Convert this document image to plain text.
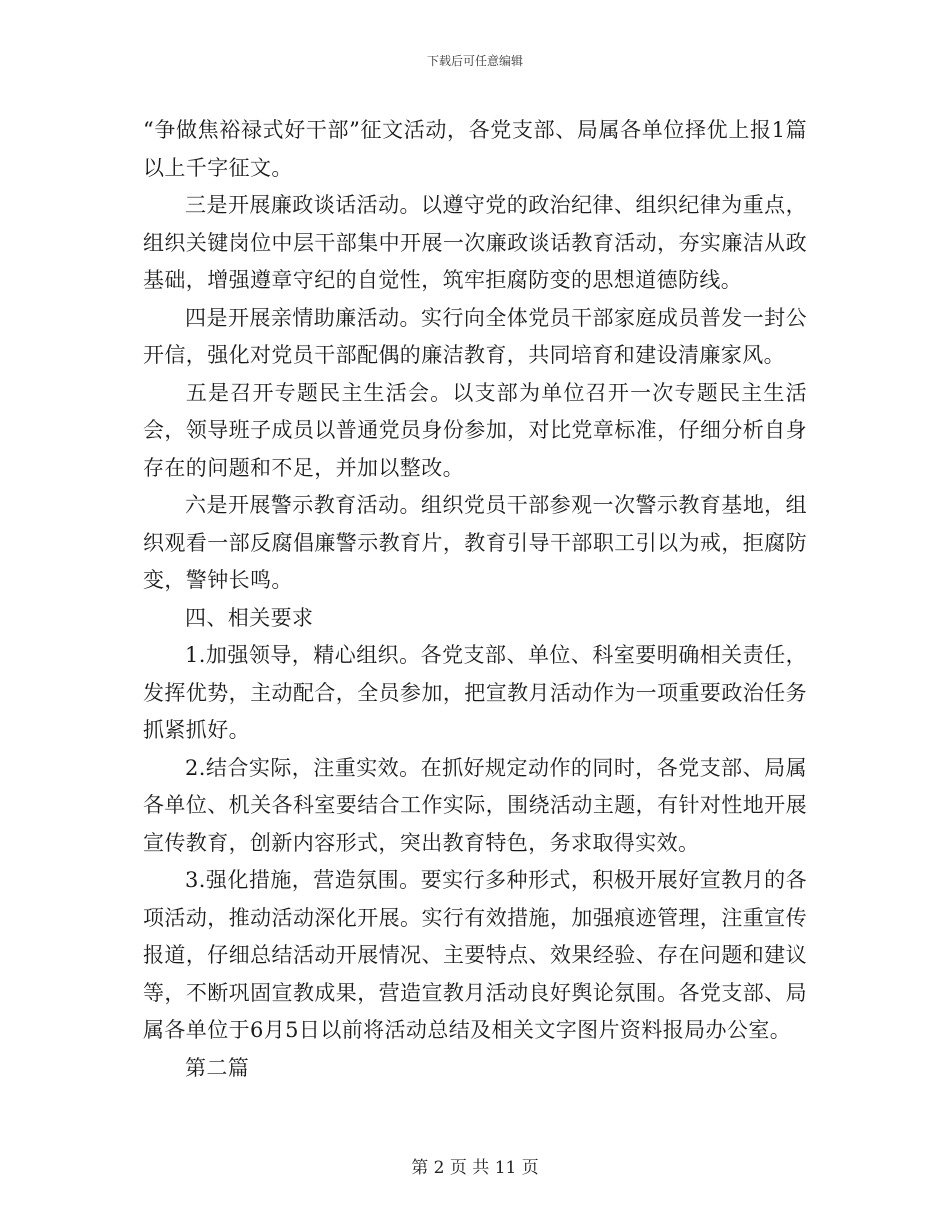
下载后可任意编辑

“争做焦裕禄式好干部”征文活动，各党支部、局属各单位择优上报1篇以上千字征文。

三是开展廉政谈话活动。以遵守党的政治纪律、组织纪律为重点，组织关键岗位中层干部集中开展一次廉政谈话教育活动，夯实廉洁从政基础，增强遵章守纪的自觉性，筑牢拒腐防变的思想道德防线。

四是开展亲情助廉活动。实行向全体党员干部家庭成员普发一封公开信，强化对党员干部配偶的廉洁教育，共同培育和建设清廉家风。

五是召开专题民主生活会。以支部为单位召开一次专题民主生活会，领导班子成员以普通党员身份参加，对比党章标准，仔细分析自身存在的问题和不足，并加以整改。

六是开展警示教育活动。组织党员干部参观一次警示教育基地，组织观看一部反腐倡廉警示教育片，教育引导干部职工引以为戒，拒腐防变，警钟长鸣。

四、相关要求

1.加强领导，精心组织。各党支部、单位、科室要明确相关责任，发挥优势，主动配合，全员参加，把宣教月活动作为一项重要政治任务抓紧抓好。

2.结合实际，注重实效。在抓好规定动作的同时，各党支部、局属各单位、机关各科室要结合工作实际，围绕活动主题，有针对性地开展宣传教育，创新内容形式，突出教育特色，务求取得实效。

3.强化措施，营造氛围。要实行多种形式，积极开展好宣教月的各项活动，推动活动深化开展。实行有效措施，加强痕迹管理，注重宣传报道，仔细总结活动开展情况、主要特点、效果经验、存在问题和建议等，不断巩固宣教成果，营造宣教月活动良好舆论氛围。各党支部、局属各单位于6月5日以前将活动总结及相关文字图片资料报局办公室。

第二篇

第 2 页 共 11 页
